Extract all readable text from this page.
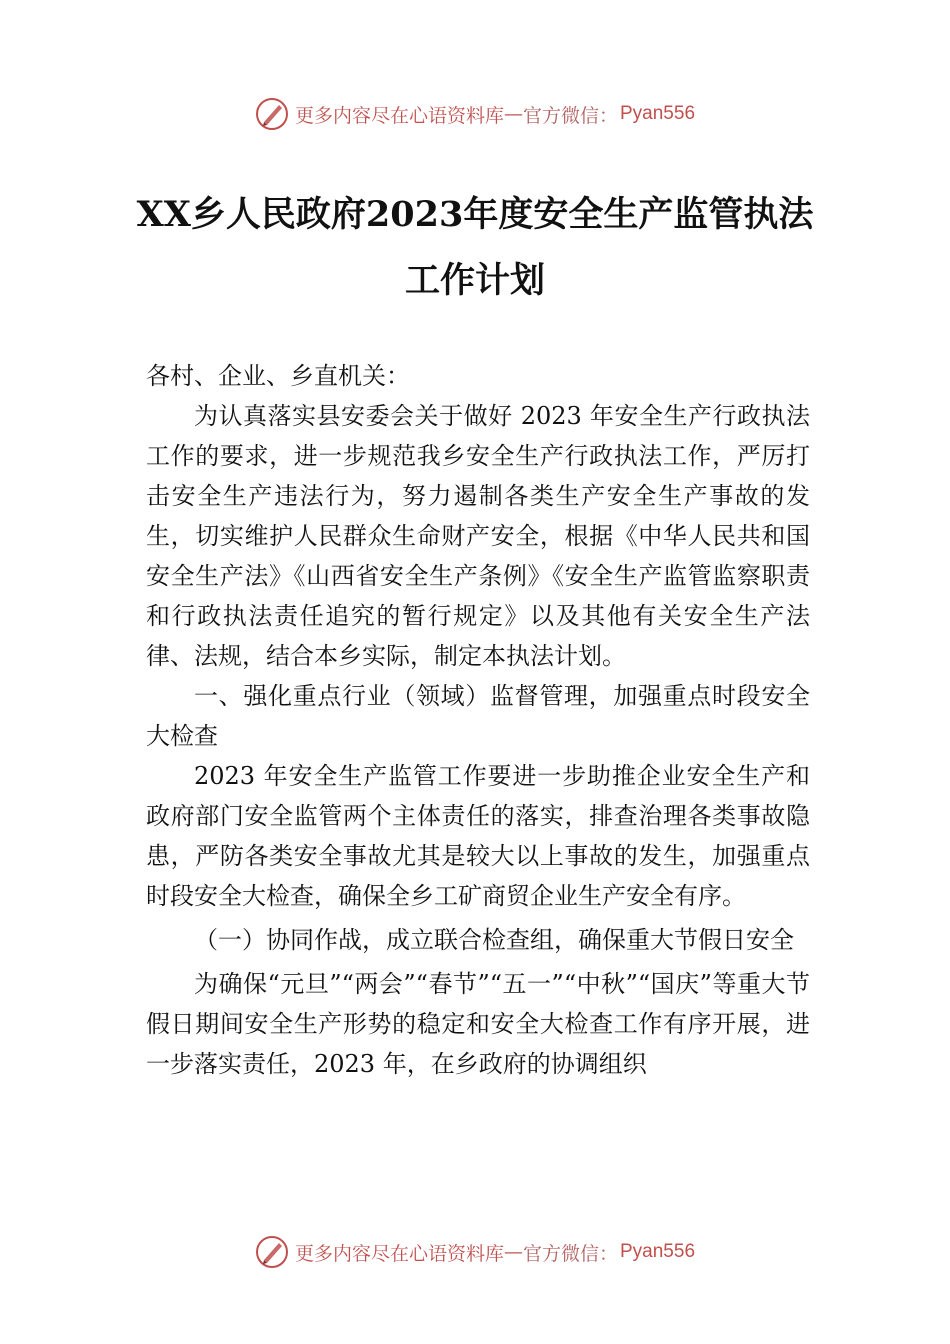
更多内容尽在心语资料库 — 官方微信： Pyan556
XX乡人民政府2023年度安全生产监管执法工作计划

各村、企业、乡直机关：

为认真落实县安委会关于做好 2023 年安全生产行政执法工作的要求，进一步规范我乡安全生产行政执法工作，严厉打击安全生产违法行为，努力遏制各类生产安全生产事故的发生，切实维护人民群众生命财产安全，根据《中华人民共和国安全生产法》《山西省安全生产条例》《安全生产监管监察职责和行政执法责任追究的暂行规定》以及其他有关安全生产法律、法规，结合本乡实际，制定本执法计划。

一、强化重点行业（领域）监督管理，加强重点时段安全大检查

2023 年安全生产监管工作要进一步助推企业安全生产和政府部门安全监管两个主体责任的落实，排查治理各类事故隐患，严防各类安全事故尤其是较大以上事故的发生，加强重点时段安全大检查，确保全乡工矿商贸企业生产安全有序。

（一）协同作战，成立联合检查组，确保重大节假日安全

为确保“元旦”“两会”“春节”“五一”“中秋”“国庆”等重大节假日期间安全生产形势的稳定和安全大检查工作有序开展，进一步落实责任，2023 年，在乡政府的协调组织

更多内容尽在心语资料库 — 官方微信： Pyan556
